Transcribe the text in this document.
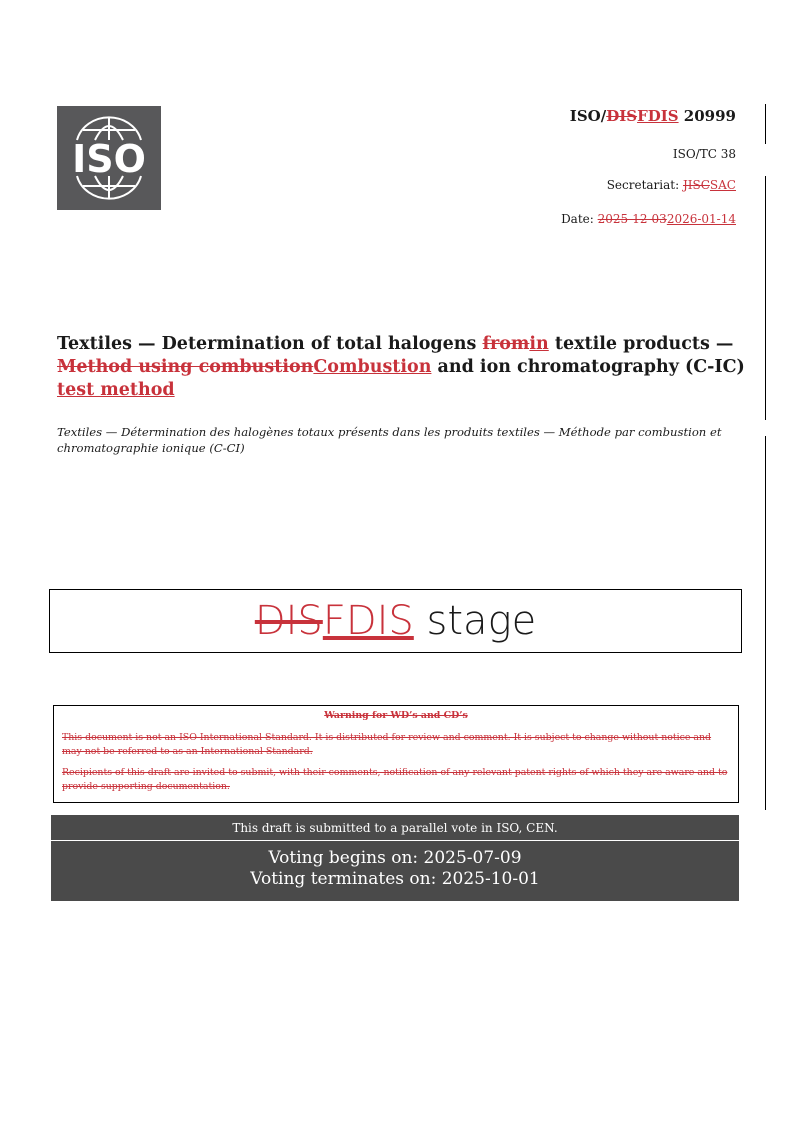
ISO
ISO/DISFDIS 20999
ISO/TC 38
Secretariat: JISCSAC
Date: 2025-12-032026-01-14
Textiles — Determination of total halogens fromin textile products — Method using combustionCombustion and ion chromatography (C-IC) test method
Textiles — Détermination des halogènes totaux présents dans les produits textiles — Méthode par combustion et chromatographie ionique (C-CI)
DIS FDIS stage
Warning for WD’s and CD’s

This document is not an ISO International Standard. It is distributed for review and comment. It is subject to change without notice and may not be referred to as an International Standard.

Recipients of this draft are invited to submit, with their comments, notification of any relevant patent rights of which they are aware and to provide supporting documentation.

This draft is submitted to a parallel vote in ISO, CEN.
Voting begins on: 2025-07-09
Voting terminates on: 2025-10-01
